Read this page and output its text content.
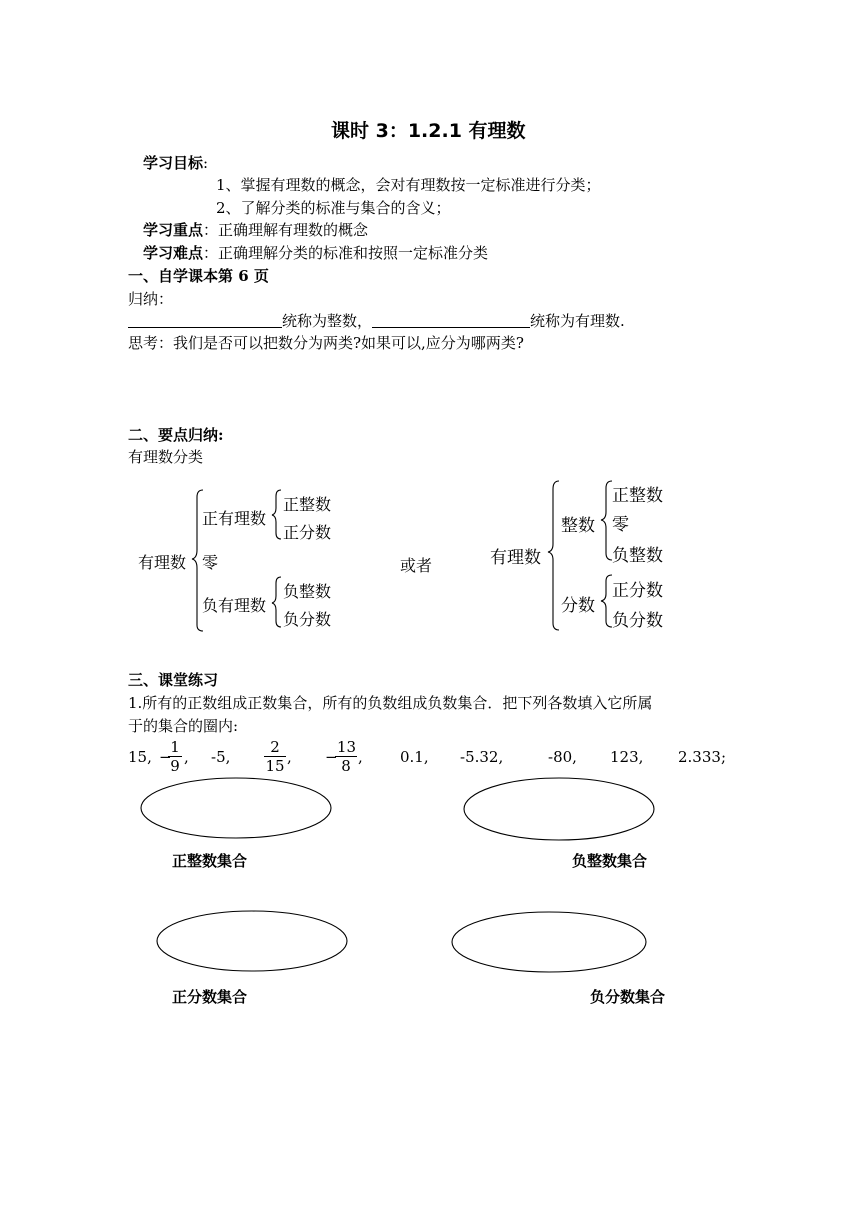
课时 3：1.2.1 有理数
学习目标:
1、掌握有理数的概念，会对有理数按一定标准进行分类；
2、了解分类的标准与集合的含义；
学习重点：正确理解有理数的概念
学习难点：正确理解分类的标准和按照一定标准分类
一、自学课本第 6 页
归纳：
统称为整数，	统称为有理数.
思考：我们是否可以把数分为两类?如果可以,应分为哪两类?
二、要点归纳:
有理数分类
有理数
正有理数
正整数
正分数
零
负有理数
负整数
负分数
或者	有理数
整数
正整数
零
负整数
分数
正分数
负分数
三、课堂练习
1.所有的正数组成正数集合，所有的负数组成负数集合．把下列各数填入它所属
于的集合的圈内:
15, −
$\frac{1}{9}$ , -5, $\frac{2}{15}$ , −
$\frac{13}{8}$ , 0.1, -5.32,	-80, 123, 2.333;
正整数集合	负整数集合
正分数集合	负分数集合
